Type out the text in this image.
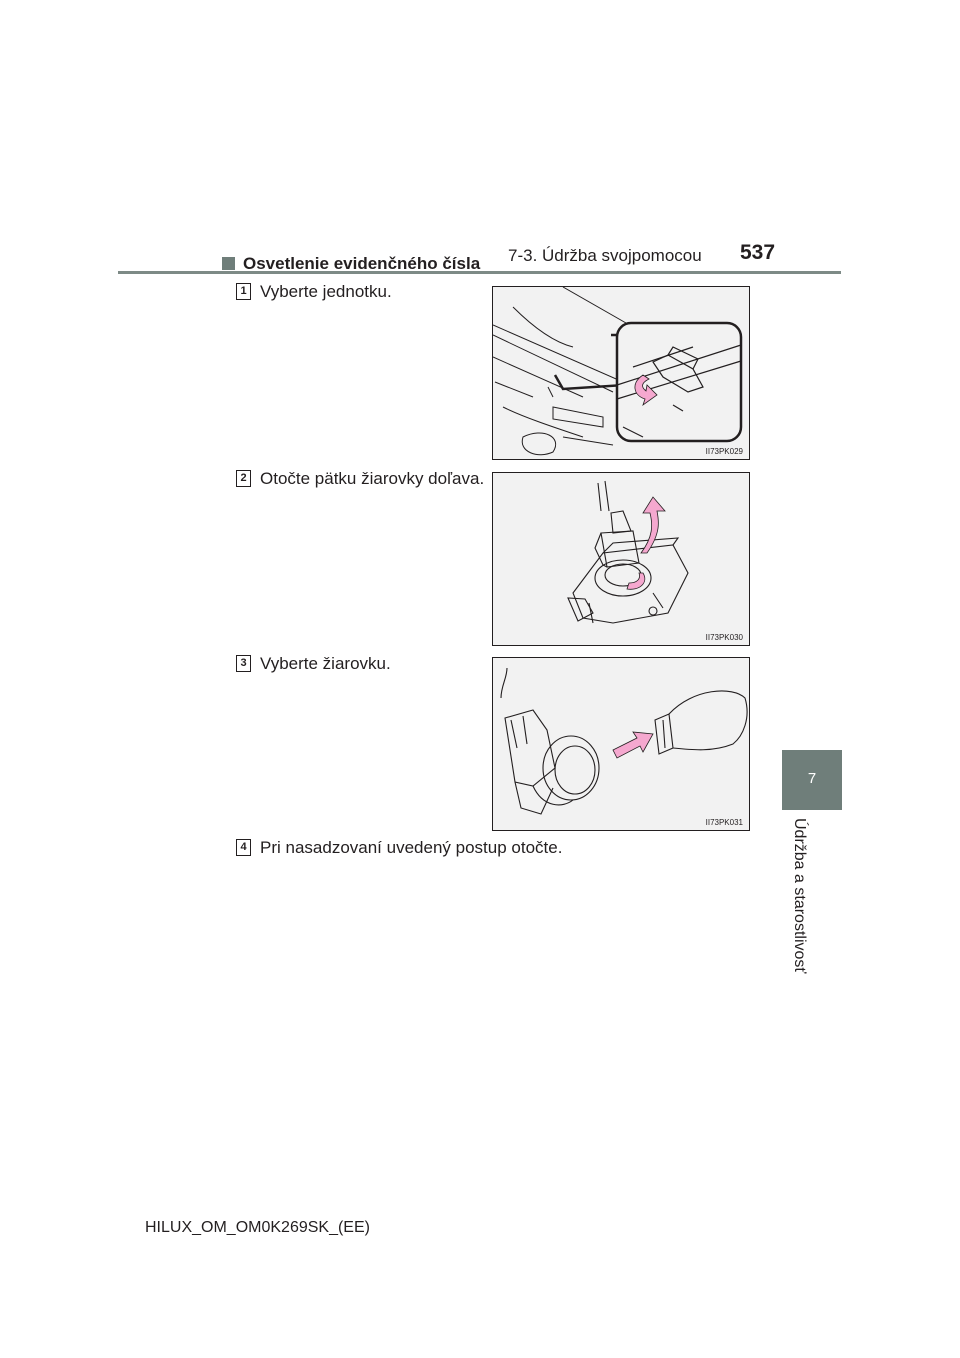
7-3. Údržba svojpomocou 537
7
Údržba a starostlivosť
Osvetlenie evidenčného čísla
1 Vyberte jednotku.
II73PK029
2 Otočte pätku žiarovky doľava.
II73PK030
3 Vyberte žiarovku.
II73PK031
4 Pri nasadzovaní uvedený postup otočte.
HILUX_OM_OM0K269SK_(EE)
